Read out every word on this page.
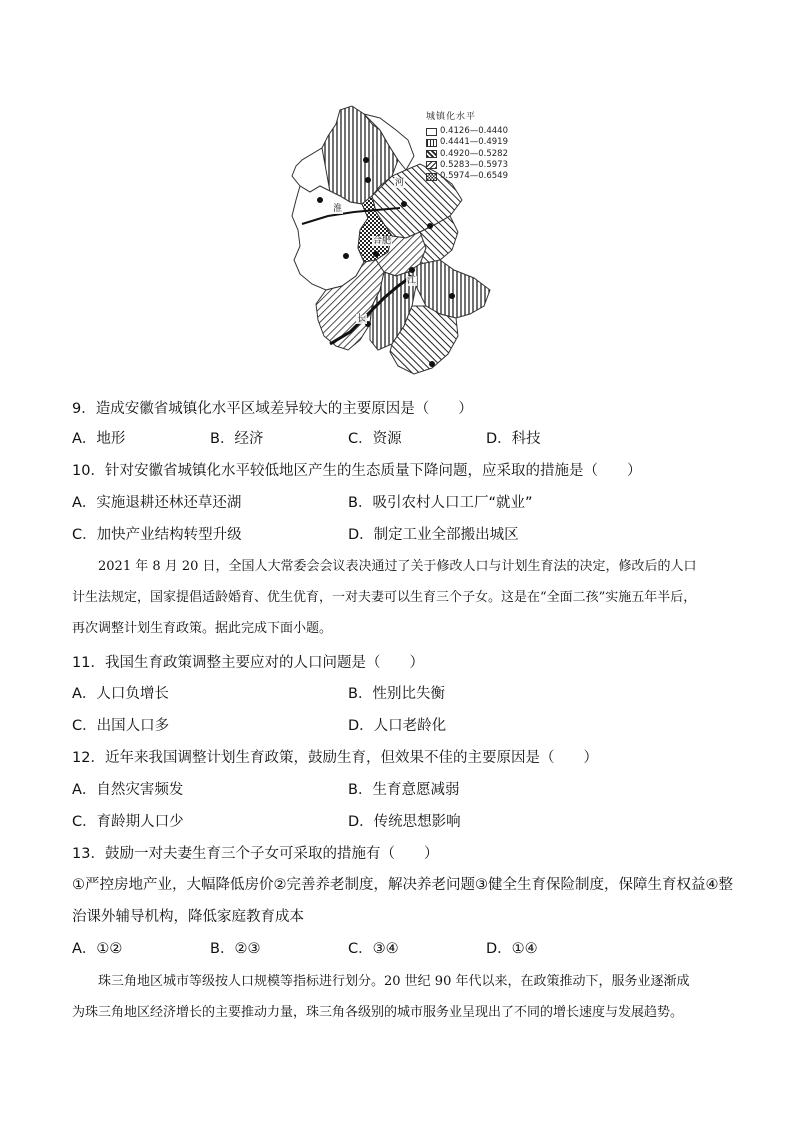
河
淮
合肥
江
长
城镇化水平
0.4126—0.4440
0.4441—0.4919
0.4920—0.5282
0.5283—0.5973
0.5974—0.6549
9．造成安徽省城镇化水平区域差异较大的主要原因是（　　）
A．地形	B．经济	C．资源	D．科技
10．针对安徽省城镇化水平较低地区产生的生态质量下降问题，应采取的措施是（　　）
A．实施退耕还林还草还湖	B．吸引农村人口工厂“就业”
C．加快产业结构转型升级	D．制定工业全部搬出城区
2021 年 8 月 20 日，全国人大常委会会议表决通过了关于修改人口与计划生育法的决定，修改后的人口
计生法规定，国家提倡适龄婚育、优生优育，一对夫妻可以生育三个子女。这是在“全面二孩”实施五年半后，
再次调整计划生育政策。据此完成下面小题。
11．我国生育政策调整主要应对的人口问题是（　　）
A．人口负增长	B．性别比失衡
C．出国人口多	D．人口老龄化
12．近年来我国调整计划生育政策，鼓励生育，但效果不佳的主要原因是（　　）
A．自然灾害频发	B．生育意愿减弱
C．育龄期人口少	D．传统思想影响
13．鼓励一对夫妻生育三个子女可采取的措施有（　　）
①严控房地产业，大幅降低房价②完善养老制度，解决养老问题③健全生育保险制度，保障生育权益④整
治课外辅导机构，降低家庭教育成本
A．①②	B．②③	C．③④	D．①④
珠三角地区城市等级按人口规模等指标进行划分。20 世纪 90 年代以来，在政策推动下，服务业逐渐成
为珠三角地区经济增长的主要推动力量，珠三角各级别的城市服务业呈现出了不同的增长速度与发展趋势。
